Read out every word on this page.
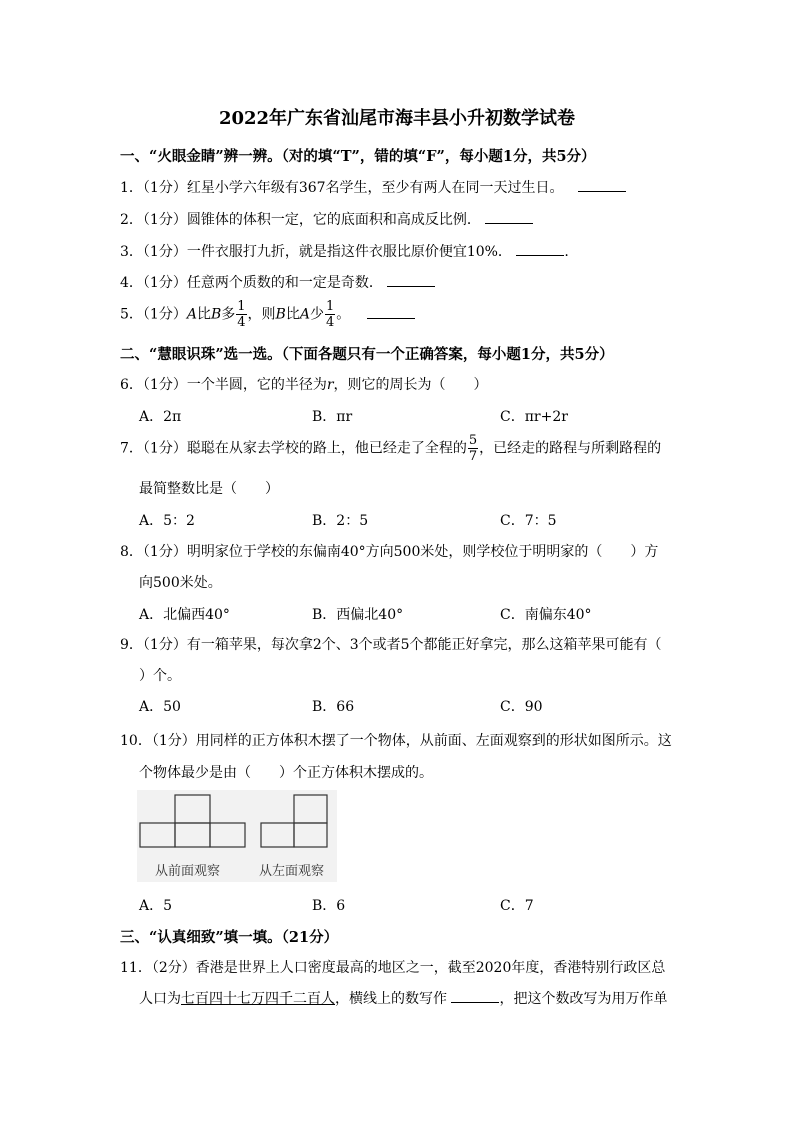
2022年广东省汕尾市海丰县小升初数学试卷
一、“火眼金睛”辨一辨。（对的填“T”，错的填“F”，每小题1分，共5分）
1．（1分）红星小学六年级有367名学生，至少有两人在同一天过生日。
2．（1分）圆锥体的体积一定，它的底面积和高成反比例．
3．（1分）一件衣服打九折，就是指这件衣服比原价便宜10%．	.
4．（1分）任意两个质数的和一定是奇数．
5．（1分）A比B多 $\frac{1}{4}$ ，则B比A少 $\frac{1}{4}$ 。
二、“慧眼识珠”选一选。（下面各题只有一个正确答案，每小题1分，共5分）
6．（1分）一个半圆，它的半径为r，则它的周长为（　　）
A．2π	B．πr	C．πr+2r
7．（1分）聪聪在从家去学校的路上，他已经走了全程的 $\frac{5}{7}$ ，已经走的路程与所剩路程的
最简整数比是（　　）
A．5：2	B．2：5	C．7：5
8．（1分）明明家位于学校的东偏南40°方向500米处，则学校位于明明家的（　　）方
向500米处。
A．北偏西40°	B．西偏北40°	C．南偏东40°
9．（1分）有一箱苹果，每次拿2个、3个或者5个都能正好拿完，那么这箱苹果可能有（
）个。
A．50	B．66	C．90
10．（1分）用同样的正方体积木摆了一个物体，从前面、左面观察到的形状如图所示。这
个物体最少是由（　　）个正方体积木摆成的。
从前面观察	从左面观察
A．5	B．6	C．7
三、“认真细致”填一填。（21分）
11．（2分）香港是世界上人口密度最高的地区之一，截至2020年度，香港特别行政区总
人口为七百四十七万四千二百人，横线上的数写作	，把这个数改写为用万作单
